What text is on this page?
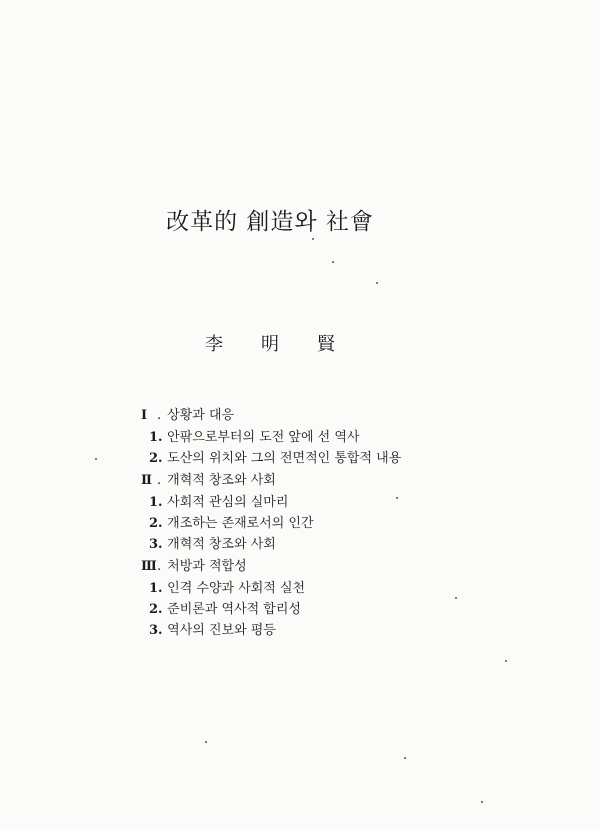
改革的 創造와 社會
李明賢
Ⅰ . 상황과 대응
1. 안팎으로부터의 도전 앞에 선 역사
2. 도산의 위치와 그의 전면적인 통합적 내용
Ⅱ . 개혁적 창조와 사회
1. 사회적 관심의 실마리
2. 개조하는 존재로서의 인간
3. 개혁적 창조와 사회
Ⅲ. 처방과 적합성
1. 인격 수양과 사회적 실천
2. 준비론과 역사적 합리성
3. 역사의 진보와 평등
